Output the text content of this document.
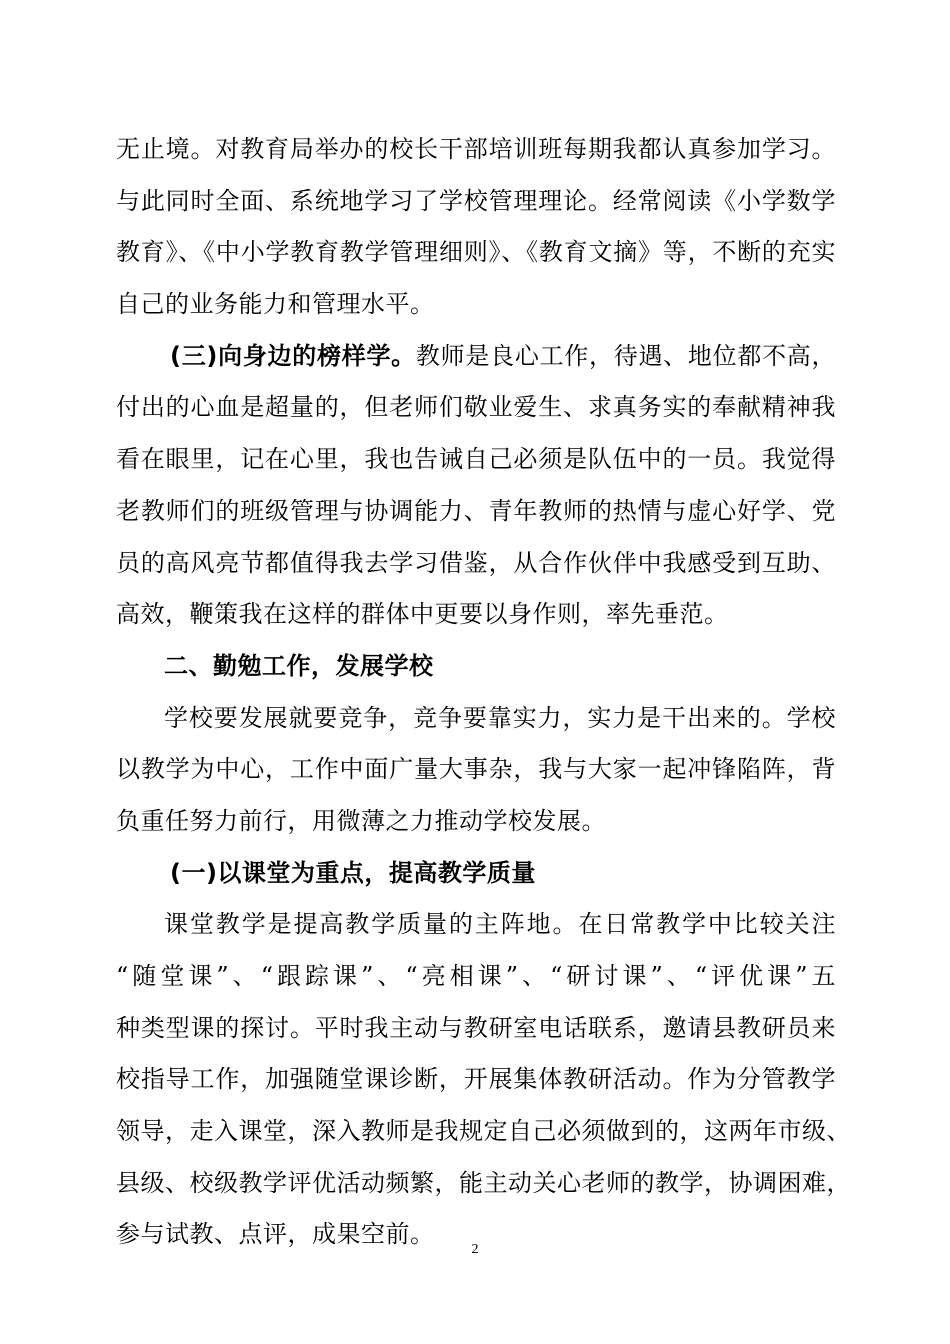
无止境。对教育局举办的校长干部培训班每期我都认真参加学习。
与此同时全面、系统地学习了学校管理理论。经常阅读《小学数学
教育》、《中小学教育教学管理细则》、《教育文摘》等，不断的充实
自己的业务能力和管理水平。
(三)向身边的榜样学。教师是良心工作，待遇、地位都不高，
付出的心血是超量的，但老师们敬业爱生、求真务实的奉献精神我
看在眼里，记在心里，我也告诫自己必须是队伍中的一员。我觉得
老教师们的班级管理与协调能力、青年教师的热情与虚心好学、党
员的高风亮节都值得我去学习借鉴，从合作伙伴中我感受到互助、
高效，鞭策我在这样的群体中更要以身作则，率先垂范。
二、勤勉工作，发展学校
学校要发展就要竞争，竞争要靠实力，实力是干出来的。学校
以教学为中心，工作中面广量大事杂，我与大家一起冲锋陷阵，背
负重任努力前行，用微薄之力推动学校发展。
(一)以课堂为重点，提高教学质量
课堂教学是提高教学质量的主阵地。在日常教学中比较关注
“随堂课”、“跟踪课”、“亮相课”、“研讨课”、“评优课”五
种类型课的探讨。平时我主动与教研室电话联系，邀请县教研员来
校指导工作，加强随堂课诊断，开展集体教研活动。作为分管教学
领导，走入课堂，深入教师是我规定自己必须做到的，这两年市级、
县级、校级教学评优活动频繁，能主动关心老师的教学，协调困难，
参与试教、点评，成果空前。
2
